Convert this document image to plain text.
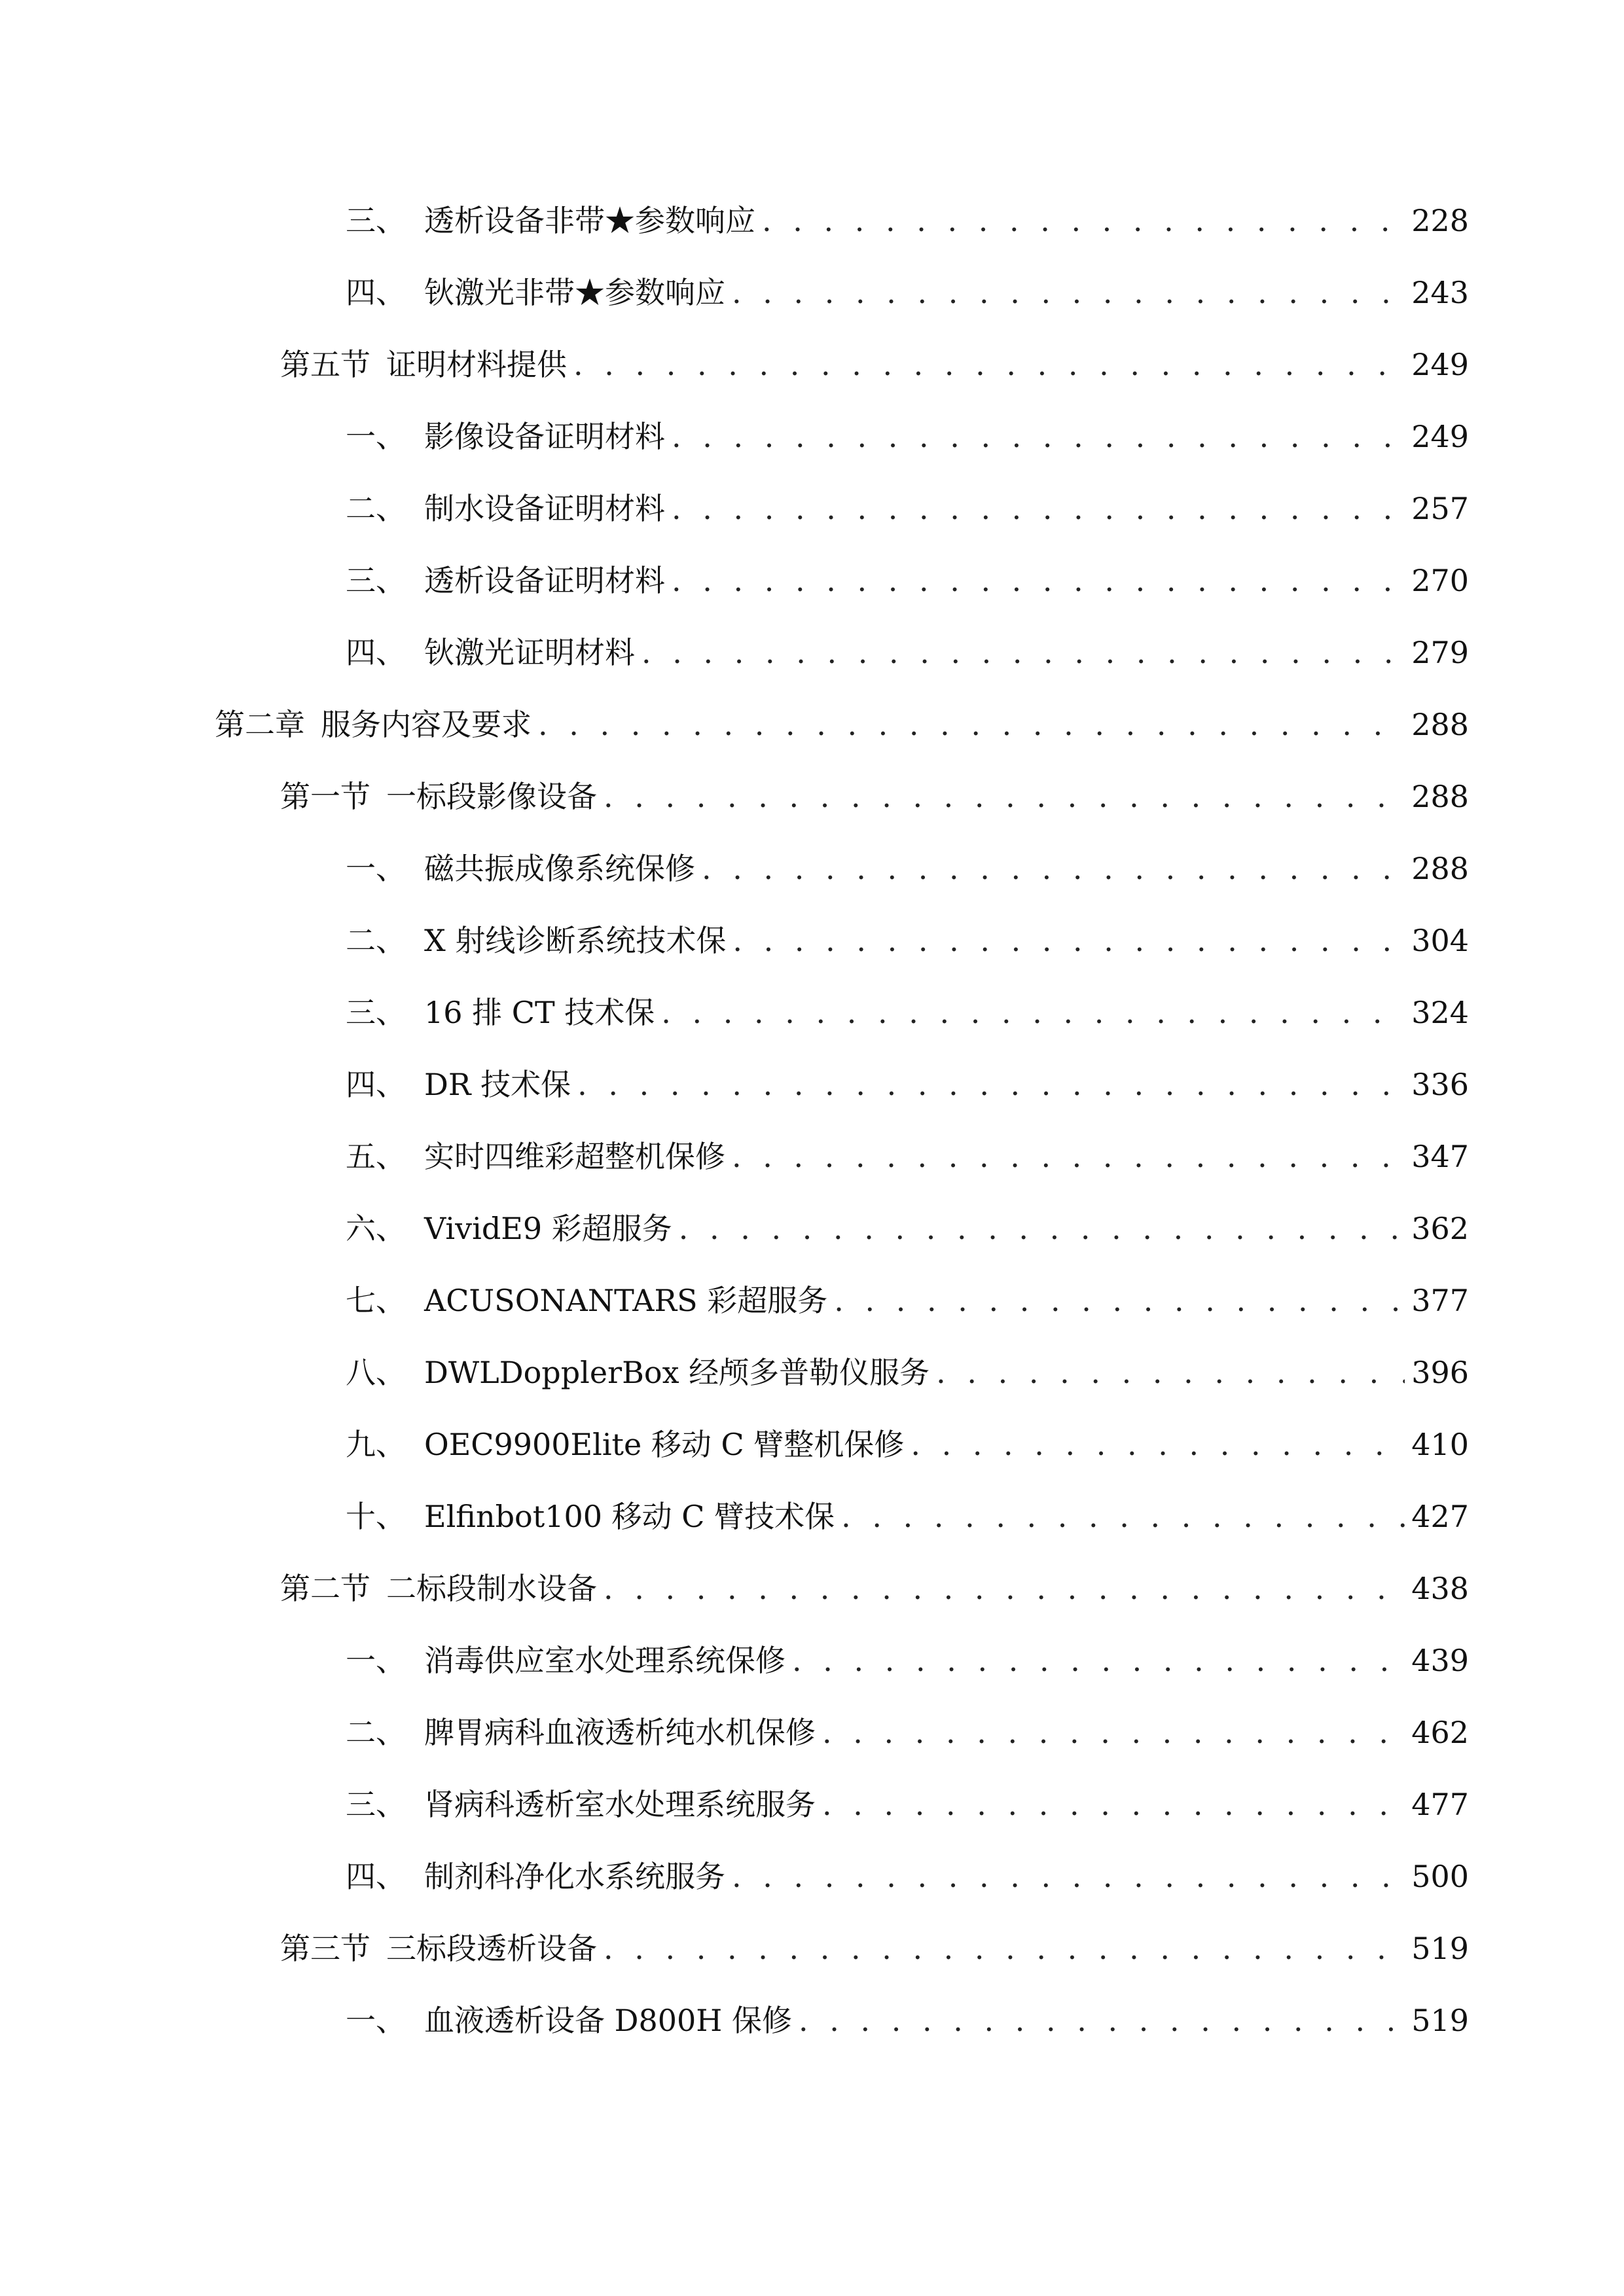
三、 透析设备非带★参数响应 . . .	228
四、 钬激光非带★参数响应 . . .	243
第五节 证明材料提供 . . .	249
一、 影像设备证明材料 . . .	249
二、 制水设备证明材料 . . .	257
三、 透析设备证明材料 . . .	270
四、 钬激光证明材料 . . .	279
第二章 服务内容及要求 . . .	288
第一节 一标段影像设备 . . .	288
一、 磁共振成像系统保修 . . .	288
二、 X 射线诊断系统技术保 . . .	304
三、 16 排 CT 技术保 . . .	324
四、 DR 技术保 . . .	336
五、 实时四维彩超整机保修 . . .	347
六、 VividE9 彩超服务 . . .	362
七、 ACUSONANTARS 彩超服务 . . .	377
八、 DWLDopplerBox 经颅多普勒仪服务 . . .	396
九、 OEC9900Elite 移动 C 臂整机保修 . . .	410
十、 Elfinbot100 移动 C 臂技术保 . . .	427
第二节 二标段制水设备 . . .	438
一、 消毒供应室水处理系统保修 . . .	439
二、 脾胃病科血液透析纯水机保修 . . .	462
三、 肾病科透析室水处理系统服务 . . .	477
四、 制剂科净化水系统服务 . . .	500
第三节 三标段透析设备 . . .	519
一、 血液透析设备 D800H 保修 . . .	519
